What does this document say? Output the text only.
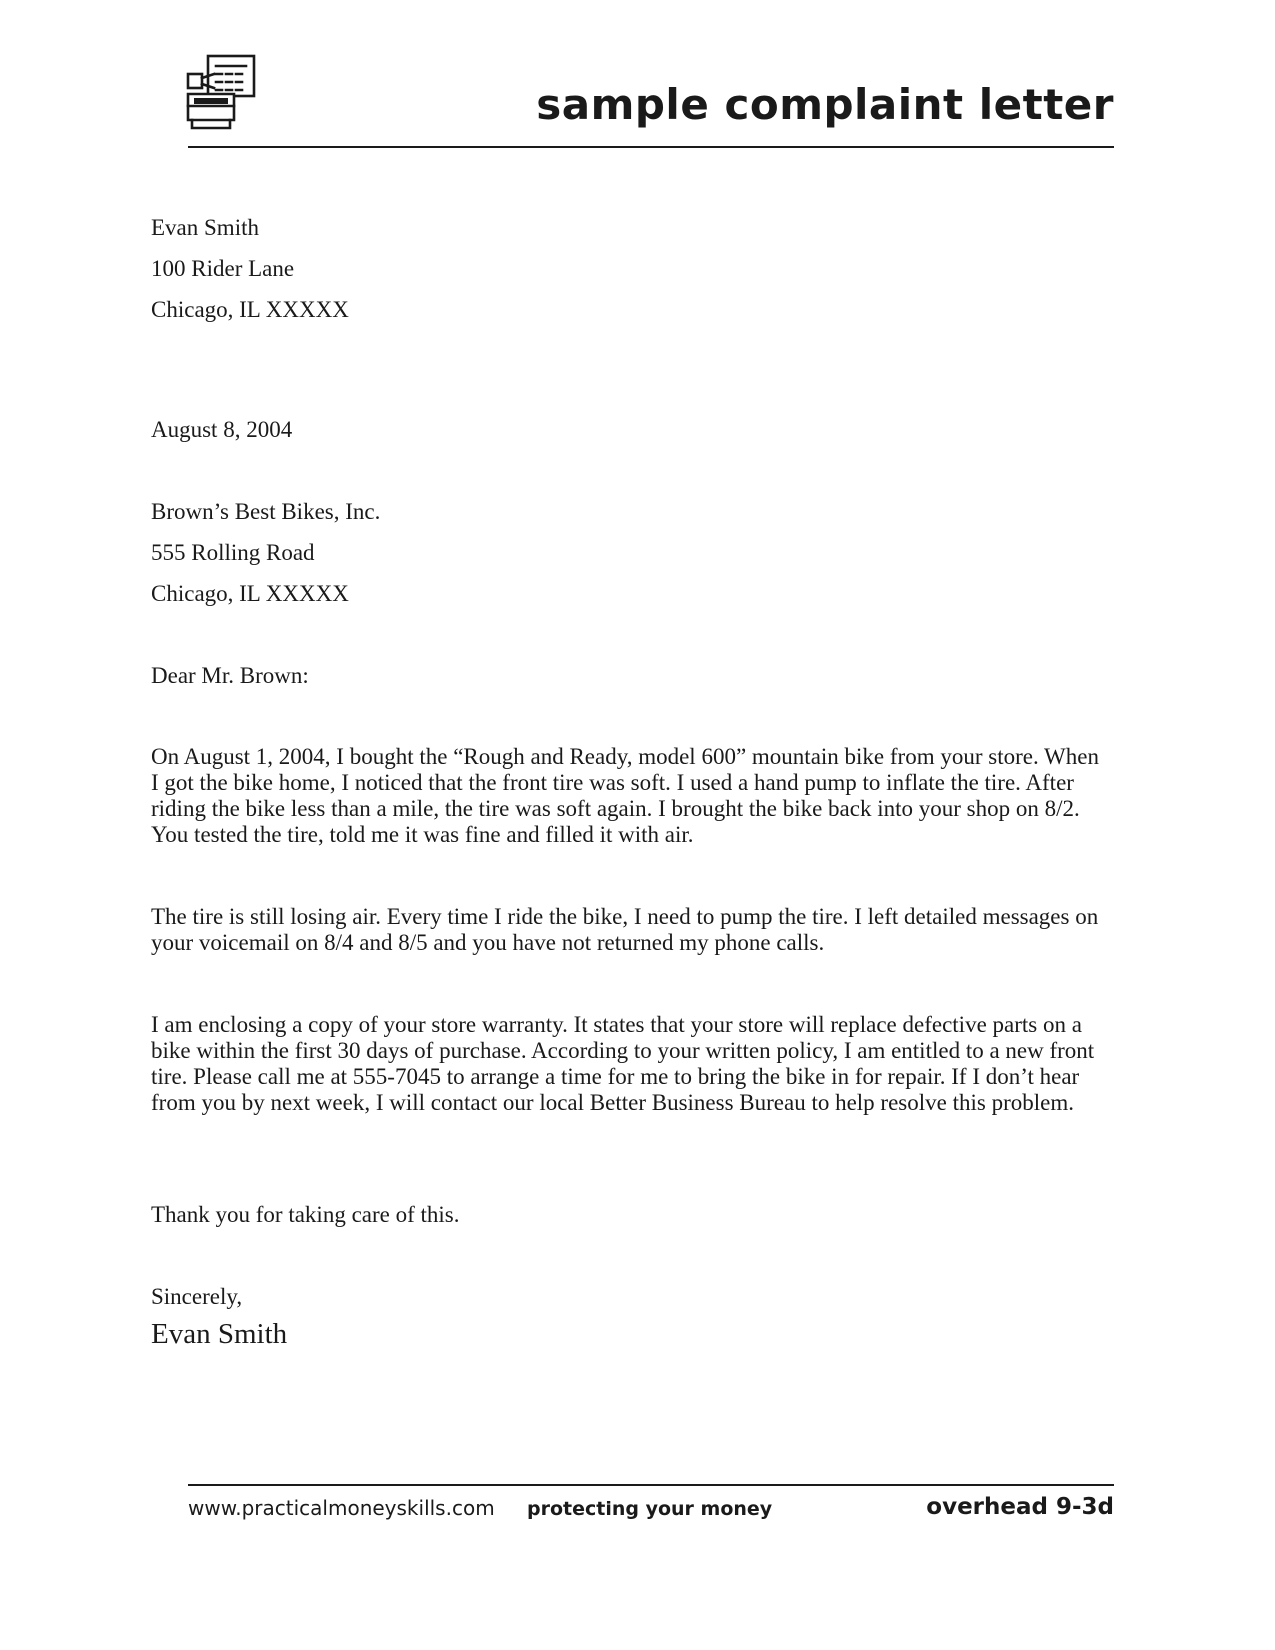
sample complaint letter
Evan Smith
100 Rider Lane
Chicago, IL XXXXX
August 8, 2004
Brown’s Best Bikes, Inc.
555 Rolling Road
Chicago, IL XXXXX
Dear Mr. Brown:

On August 1, 2004, I bought the “Rough and Ready, model 600” mountain bike from your store. When I got the bike home, I noticed that the front tire was soft. I used a hand pump to inflate the tire. After riding the bike less than a mile, the tire was soft again. I brought the bike back into your shop on 8/2. You tested the tire, told me it was fine and filled it with air.

The tire is still losing air. Every time I ride the bike, I need to pump the tire. I left detailed messages on your voicemail on 8/4 and 8/5 and you have not returned my phone calls.

I am enclosing a copy of your store warranty. It states that your store will replace defective parts on a bike within the first 30 days of purchase. According to your written policy, I am entitled to a new front tire. Please call me at 555-7045 to arrange a time for me to bring the bike in for repair. If I don’t hear from you by next week, I will contact our local Better Business Bureau to help resolve this problem.

Thank you for taking care of this.
Sincerely,
Evan Smith
www.practicalmoneyskills.com protecting your money	overhead 9-3d
